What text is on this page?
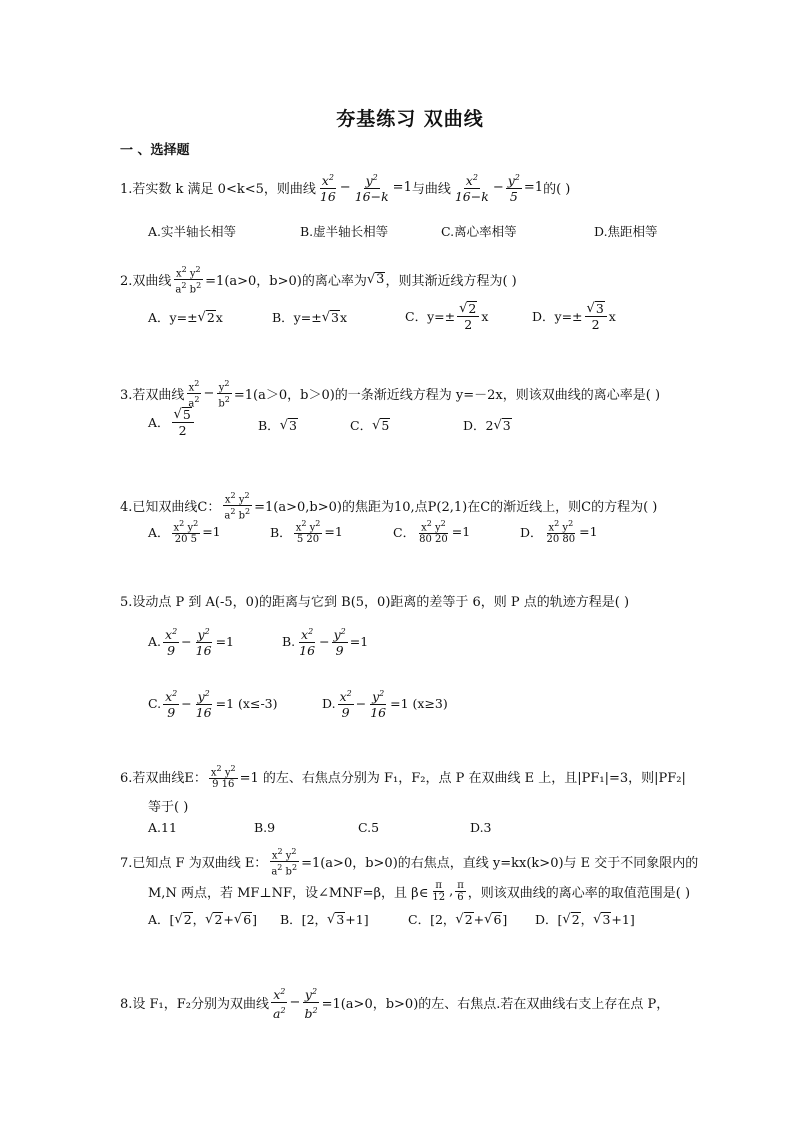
夯基练习 双曲线
一 、选择题
1.若实数 k 满足 0<k<5，则曲线 $\frac{x^2}{16} - \frac{y^2}{16-k} =1$ 与曲线 $\frac{x^2}{16-k} - \frac{y^2}{5} =1$ 的( )
A.实半轴长相等	B.虚半轴长相等	C.离心率相等	D.焦距相等
2.双曲线 $\frac{x^2 y^2}{a^2 b^2} =1(a>0$，b>0)的离心率为 √ 3 ，则其渐近线方程为( )
A．y=± √ 2 x	B．y=± √ 3 x	C．$y=\pm \frac{√ 2}{2}$ x	D．$y=\pm \frac{√ 3}{2}$ x
3.若双曲线 $\frac{x^2}{a^2} - \frac{y^2}{b^2} =1(a>0$，b＞0)的一条渐近线方程为 y=－2x，则该双曲线的离心率是( )
A． $\frac{√ 5}{2}$	B． √ 3	C． √ 5	D．2 √ 3
4.已知双曲线C： $\frac{x^2 y^2}{a^2 b^2} =1(a>0,b>0)$的焦距为10,点P(2,1)在C的渐近线上，则C的方程为( )
A． $\frac{x^2 y^2}{20 5} =1$	B． $\frac{x^2 y^2}{5 20} =1$	C． $\frac{x^2 y^2}{80 20} =1$	D． $\frac{x^2 y^2}{20 80} =1$
5.设动点 P 到 A(-5，0)的距离与它到 B(5，0)距离的差等于 6，则 P 点的轨迹方程是( )
A. $\frac{x^2}{9} - \frac{y^2}{16} =1$	B. $\frac{x^2}{16} - \frac{y^2}{9} =1$
C. $\frac{x^2}{9} - \frac{y^2}{16} =1$ (x≤-3)	D. $\frac{x^2}{9} - \frac{y^2}{16} =1$ (x≥3)
6.若双曲线E： $\frac{x^2 y^2}{9 16} =1$ 的左、右焦点分别为 F₁，F₂，点 P 在双曲线 E 上，且|PF₁|=3，则|PF₂|
等于( )
A.11	B.9	C.5	D.3
7.已知点 F 为双曲线 E： $\frac{x^2 y^2}{a^2 b^2} =1(a>0$，b>0)的右焦点，直线 y=kx(k>0)与 E 交于不同象限内的
M,N 两点，若 MF⊥NF，设∠MNF=β，且 β∈ $\frac{\pi}{12}$ , $\frac{\pi}{6}$ ，则该双曲线的离心率的取值范围是( )
A．[ √ 2 ， √ 2 + √ 6 ] B．[2， √ 3 +1]	C．[2， √ 2 + √ 6 ] D．[ √ 2 ， √ 3 +1]
8.设 F₁，F₂分别为双曲线 $\frac{x^2}{a^2} - \frac{y^2}{b^2} =1(a>0$，b>0)的左、右焦点.若在双曲线右支上存在点 P，
